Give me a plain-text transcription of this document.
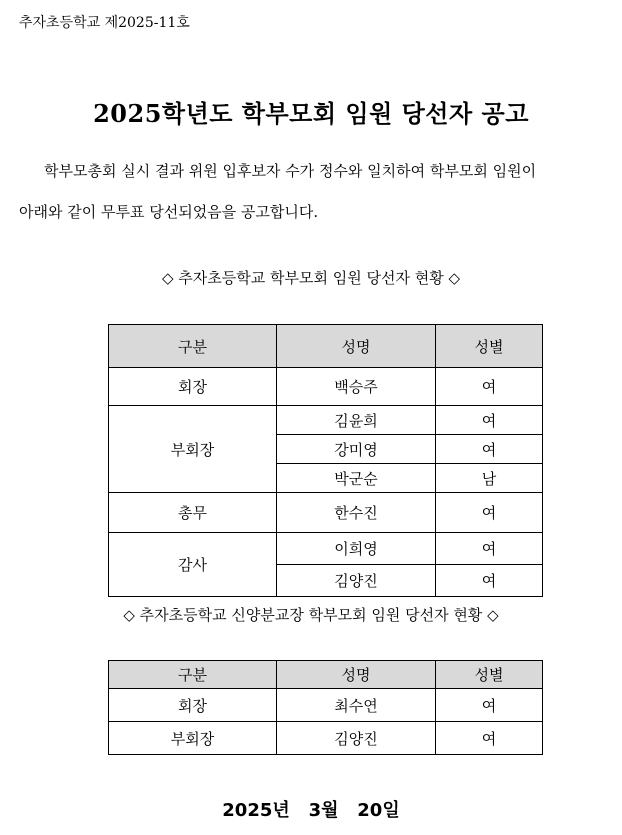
추자초등학교 제2025-11호
2025학년도 학부모회 임원 당선자 공고
학부모총회 실시 결과 위원 입후보자 수가 정수와 일치하여 학부모회 임원이
아래와 같이 무투표 당선되었음을 공고합니다.
◇ 추자초등학교 학부모회 임원 당선자 현황 ◇
구분	성명	성별
회장	백승주	여
부회장	김윤희	여
	강미영	여
	박군순	남
총무	한수진	여
감사	이희영	여
	김양진	여
◇ 추자초등학교 신양분교장 학부모회 임원 당선자 현황 ◇
구분	성명	성별
회장	최수연	여
부회장	김양진	여
2025년   3월   20일
